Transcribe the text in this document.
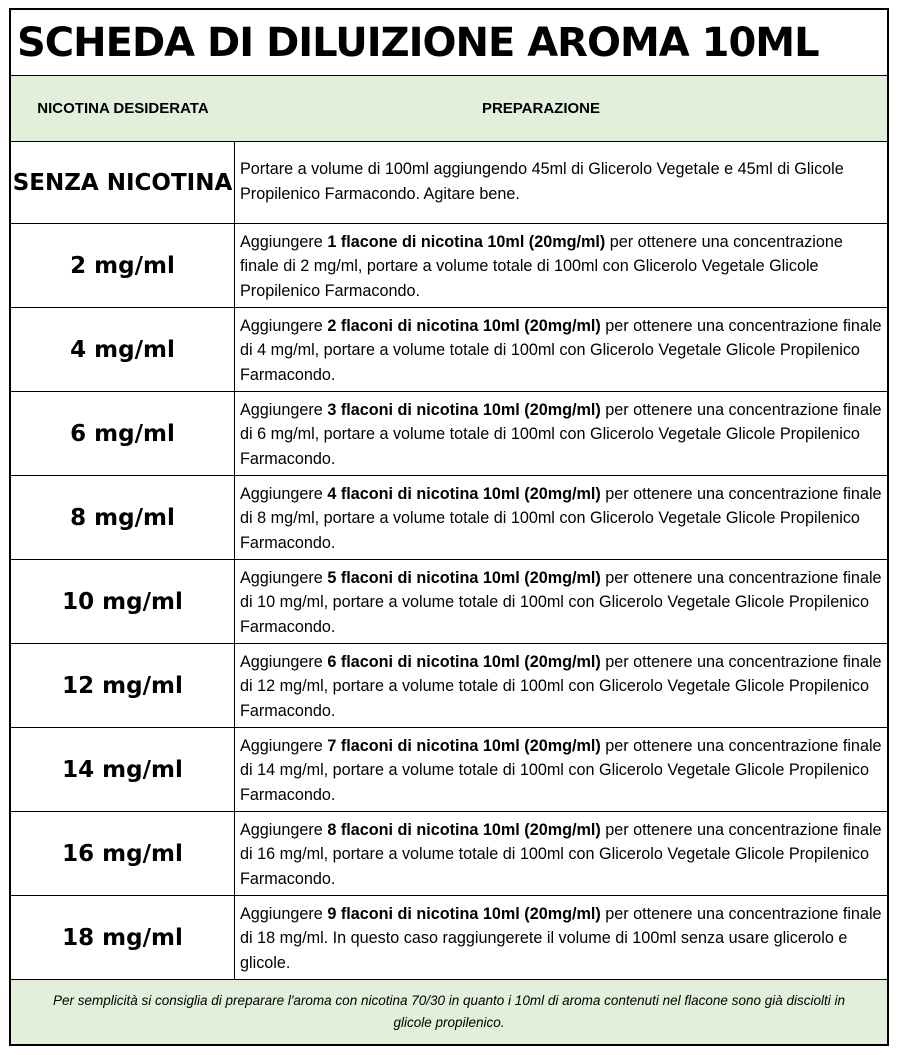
SCHEDA DI DILUIZIONE AROMA 10ML
NICOTINA DESIDERATA	PREPARAZIONE
SENZA NICOTINA
Portare a volume di 100ml aggiungendo 45ml di Glicerolo Vegetale e 45ml di Glicole Propilenico Farmacondo. Agitare bene.
2 mg/ml
Aggiungere 1 flacone di nicotina 10ml (20mg/ml) per ottenere una concentrazione finale di 2 mg/ml, portare a volume totale di 100ml con Glicerolo Vegetale Glicole Propilenico Farmacondo.
4 mg/ml
Aggiungere 2 flaconi di nicotina 10ml (20mg/ml) per ottenere una concentrazione finale di 4 mg/ml, portare a volume totale di 100ml con Glicerolo Vegetale Glicole Propilenico Farmacondo.
6 mg/ml
Aggiungere 3 flaconi di nicotina 10ml (20mg/ml) per ottenere una concentrazione finale di 6 mg/ml, portare a volume totale di 100ml con Glicerolo Vegetale Glicole Propilenico Farmacondo.
8 mg/ml
Aggiungere 4 flaconi di nicotina 10ml (20mg/ml) per ottenere una concentrazione finale di 8 mg/ml, portare a volume totale di 100ml con Glicerolo Vegetale Glicole Propilenico Farmacondo.
10 mg/ml
Aggiungere 5 flaconi di nicotina 10ml (20mg/ml) per ottenere una concentrazione finale di 10 mg/ml, portare a volume totale di 100ml con Glicerolo Vegetale Glicole Propilenico Farmacondo.
12 mg/ml
Aggiungere 6 flaconi di nicotina 10ml (20mg/ml) per ottenere una concentrazione finale di 12 mg/ml, portare a volume totale di 100ml con Glicerolo Vegetale Glicole Propilenico Farmacondo.
14 mg/ml
Aggiungere 7 flaconi di nicotina 10ml (20mg/ml) per ottenere una concentrazione finale di 14 mg/ml, portare a volume totale di 100ml con Glicerolo Vegetale Glicole Propilenico Farmacondo.
16 mg/ml
Aggiungere 8 flaconi di nicotina 10ml (20mg/ml) per ottenere una concentrazione finale di 16 mg/ml, portare a volume totale di 100ml con Glicerolo Vegetale Glicole Propilenico Farmacondo.
18 mg/ml
Aggiungere 9 flaconi di nicotina 10ml (20mg/ml) per ottenere una concentrazione finale di 18 mg/ml. In questo caso raggiungerete il volume di 100ml senza usare glicerolo e glicole.
Per semplicità si consiglia di preparare l'aroma con nicotina 70/30 in quanto i 10ml di aroma contenuti nel flacone sono già disciolti in glicole propilenico.
